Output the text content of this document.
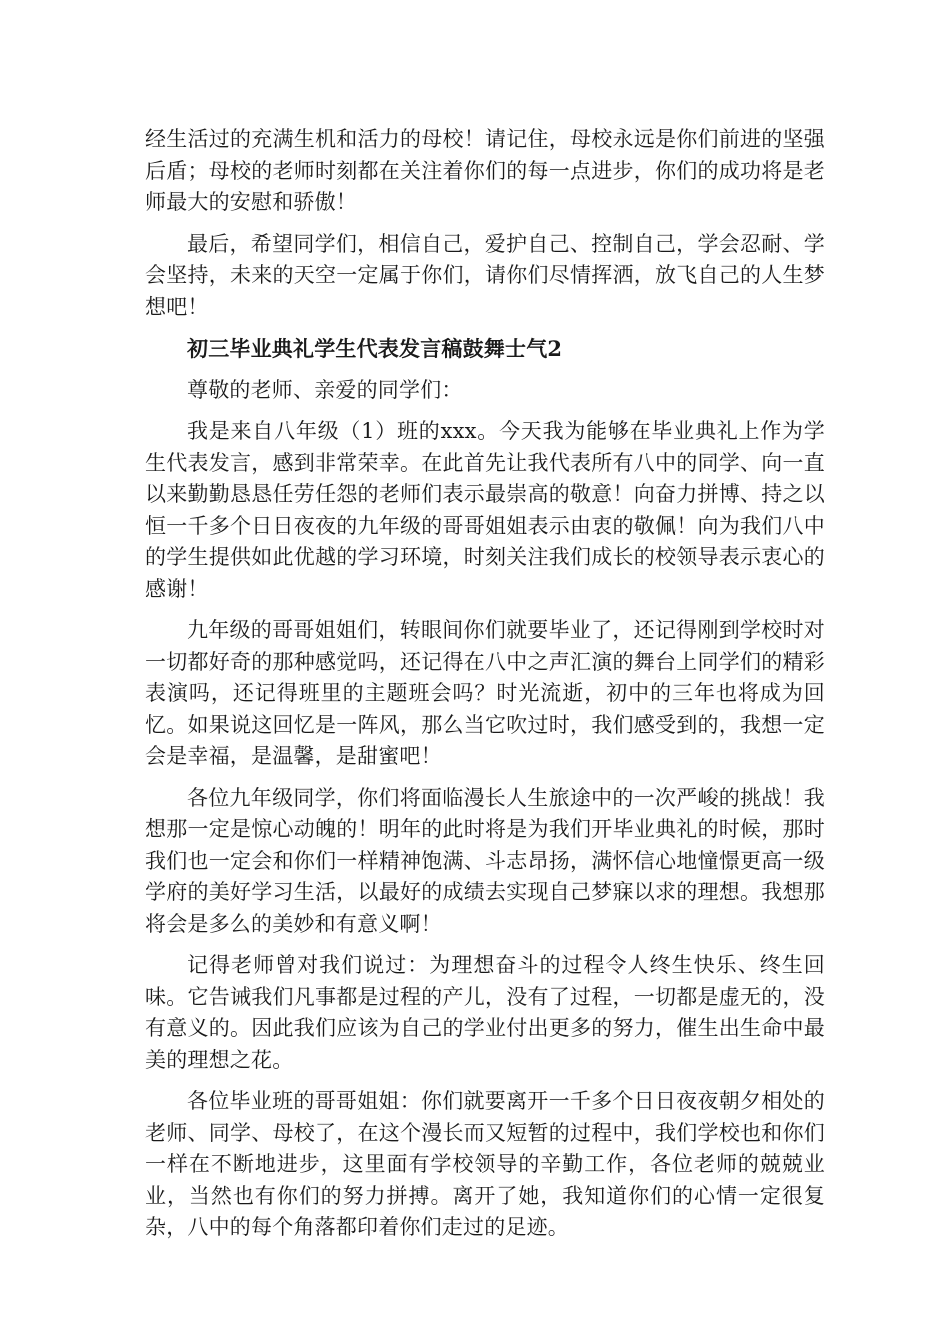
经生活过的充满生机和活力的母校！请记住，母校永远是你们前进的坚强后盾；母校的老师时刻都在关注着你们的每一点进步，你们的成功将是老师最大的安慰和骄傲！

最后，希望同学们，相信自己，爱护自己、控制自己，学会忍耐、学会坚持，未来的天空一定属于你们，请你们尽情挥洒，放飞自己的人生梦想吧！

初三毕业典礼学生代表发言稿鼓舞士气2

尊敬的老师、亲爱的同学们：

我是来自八年级（1）班的xxx。今天我为能够在毕业典礼上作为学生代表发言，感到非常荣幸。在此首先让我代表所有八中的同学、向一直以来勤勤恳恳任劳任怨的老师们表示最崇高的敬意！向奋力拼博、持之以恒一千多个日日夜夜的九年级的哥哥姐姐表示由衷的敬佩！向为我们八中的学生提供如此优越的学习环境，时刻关注我们成长的校领导表示衷心的感谢！

九年级的哥哥姐姐们，转眼间你们就要毕业了，还记得刚到学校时对一切都好奇的那种感觉吗，还记得在八中之声汇演的舞台上同学们的精彩表演吗，还记得班里的主题班会吗？时光流逝，初中的三年也将成为回忆。如果说这回忆是一阵风，那么当它吹过时，我们感受到的，我想一定会是幸福，是温馨，是甜蜜吧！

各位九年级同学，你们将面临漫长人生旅途中的一次严峻的挑战！我想那一定是惊心动魄的！明年的此时将是为我们开毕业典礼的时候，那时我们也一定会和你们一样精神饱满、斗志昂扬，满怀信心地憧憬更高一级学府的美好学习生活，以最好的成绩去实现自己梦寐以求的理想。我想那将会是多么的美妙和有意义啊！

记得老师曾对我们说过：为理想奋斗的过程令人终生快乐、终生回味。它告诫我们凡事都是过程的产儿，没有了过程，一切都是虚无的，没有意义的。因此我们应该为自己的学业付出更多的努力，催生出生命中最美的理想之花。

各位毕业班的哥哥姐姐：你们就要离开一千多个日日夜夜朝夕相处的老师、同学、母校了，在这个漫长而又短暂的过程中，我们学校也和你们一样在不断地进步，这里面有学校领导的辛勤工作，各位老师的兢兢业业，当然也有你们的努力拼搏。离开了她，我知道你们的心情一定很复杂，八中的每个角落都印着你们走过的足迹。
